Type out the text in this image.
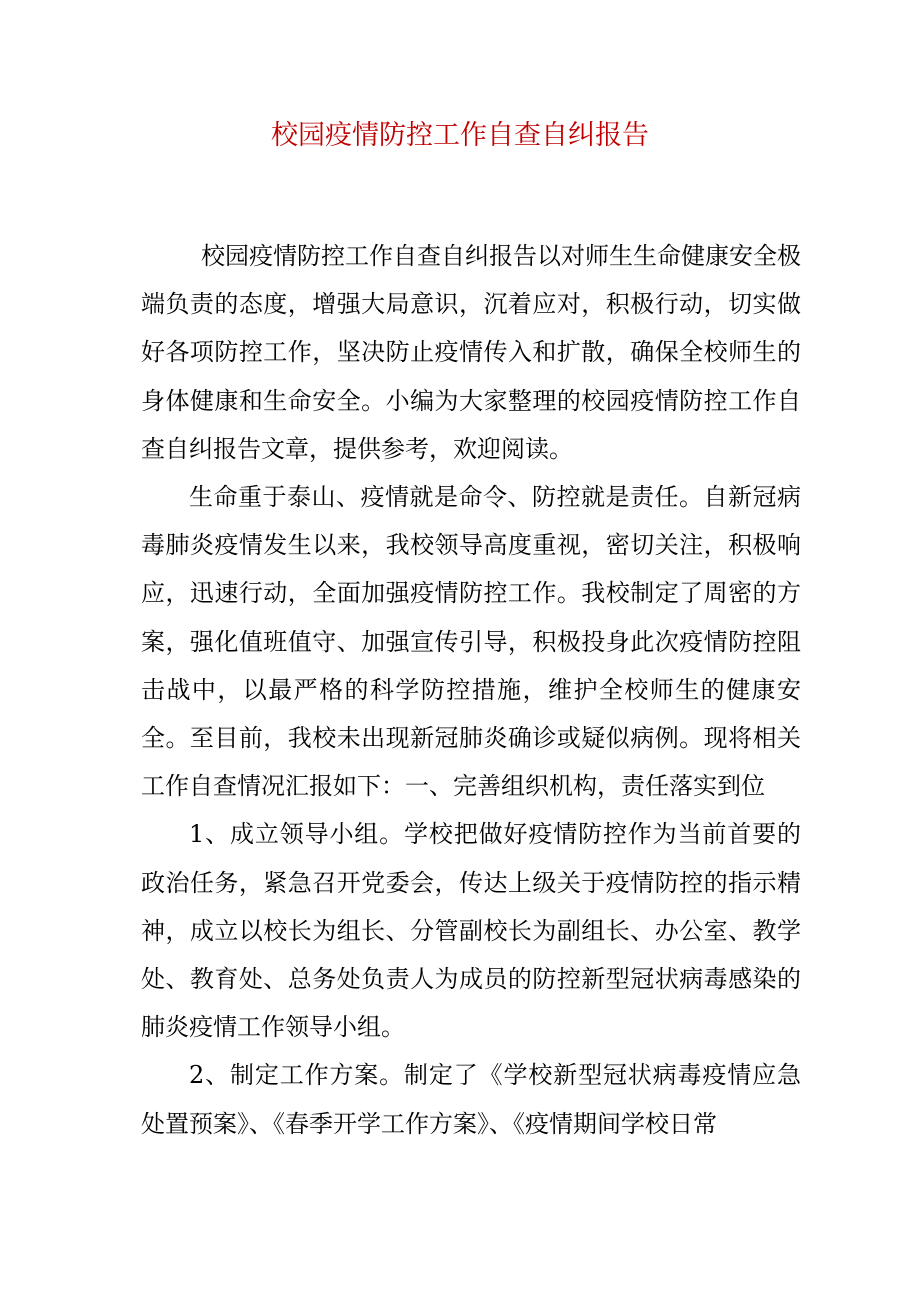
校园疫情防控工作自查自纠报告

校园疫情防控工作自查自纠报告以对师生生命健康安全极端负责的态度，增强大局意识，沉着应对，积极行动，切实做好各项防控工作，坚决防止疫情传入和扩散，确保全校师生的身体健康和生命安全。小编为大家整理的校园疫情防控工作自查自纠报告文章，提供参考，欢迎阅读。

生命重于泰山、疫情就是命令、防控就是责任。自新冠病毒肺炎疫情发生以来，我校领导高度重视，密切关注，积极响应，迅速行动，全面加强疫情防控工作。我校制定了周密的方案，强化值班值守、加强宣传引导，积极投身此次疫情防控阻击战中，以最严格的科学防控措施，维护全校师生的健康安全。至目前，我校未出现新冠肺炎确诊或疑似病例。现将相关工作自查情况汇报如下：一、完善组织机构，责任落实到位

1、成立领导小组。学校把做好疫情防控作为当前首要的政治任务，紧急召开党委会，传达上级关于疫情防控的指示精神，成立以校长为组长、分管副校长为副组长、办公室、教学处、教育处、总务处负责人为成员的防控新型冠状病毒感染的肺炎疫情工作领导小组。

2、制定工作方案。制定了《学校新型冠状病毒疫情应急处置预案》、《春季开学工作方案》、《疫情期间学校日常
